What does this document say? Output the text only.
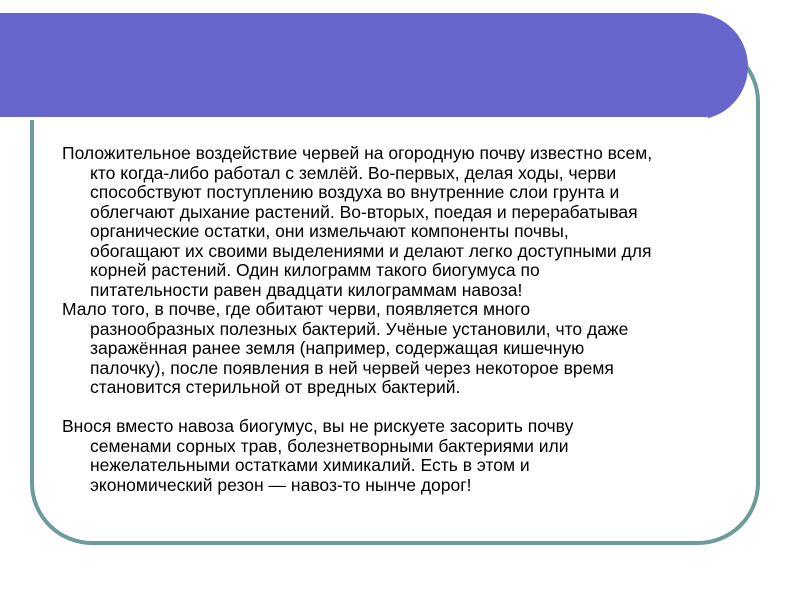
Положительное воздействие червей на огородную почву известно всем,
кто когда-либо работал с землёй. Во-первых, делая ходы, черви
способствуют поступлению воздуха во внутренние слои грунта и
облегчают дыхание растений. Во-вторых, поедая и перерабатывая
органические остатки, они измельчают компоненты почвы,
обогащают их своими выделениями и делают легко доступными для
корней растений. Один килограмм такого биогумуса по
питательности равен двадцати килограммам навоза!

Мало того, в почве, где обитают черви, появляется много
разнообразных полезных бактерий. Учёные установили, что даже
заражённая ранее земля (например, содержащая кишечную
палочку), после появления в ней червей через некоторое время
становится стерильной от вредных бактерий.

Внося вместо навоза биогумус, вы не рискуете засорить почву
семенами сорных трав, болезнетворными бактериями или
нежелательными остатками химикалий. Есть в этом и
экономический резон — навоз-то нынче дорог!
